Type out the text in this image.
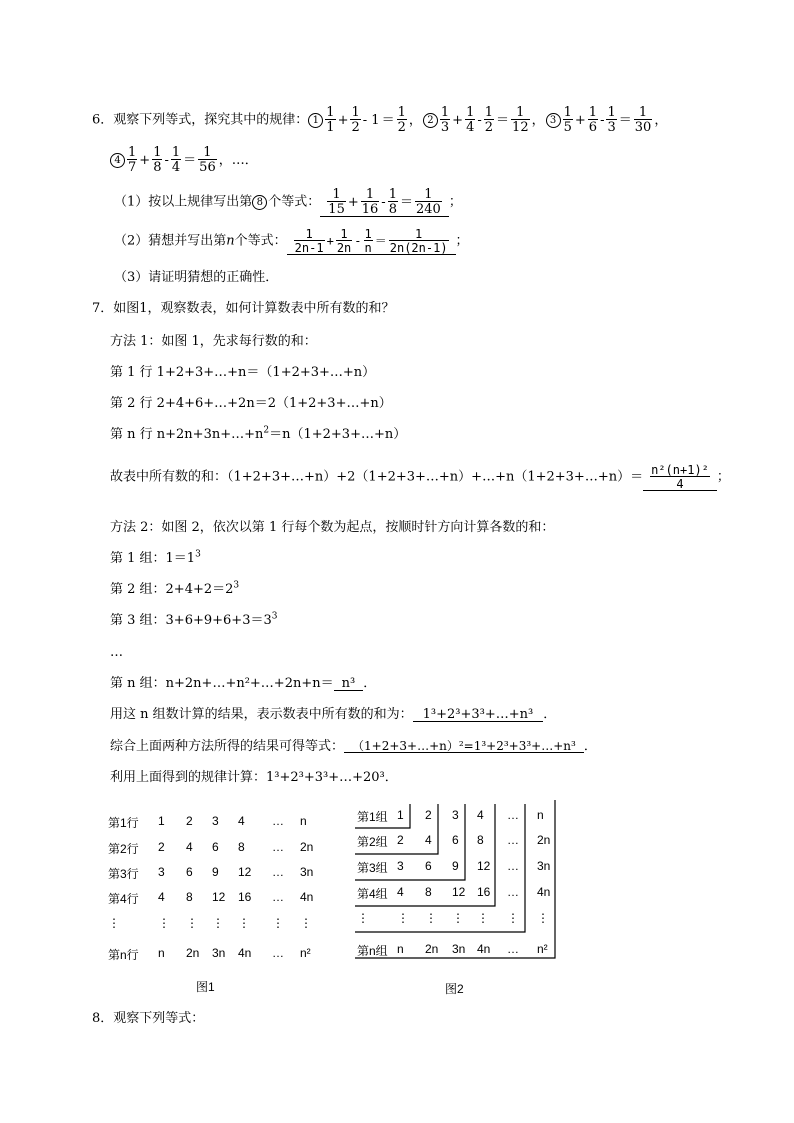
6．观察下列等式，探究其中的规律： $1 \frac{1}{1} + \frac{1}{2} - 1 = \frac{1}{2}$ ， $2 \frac{1}{3} + \frac{1}{4} - \frac{1}{2} = \frac{1}{12}$ ， $3 \frac{1}{5} + \frac{1}{6} - \frac{1}{3} = \frac{1}{30}$ ，
$4 \frac{1}{7} + \frac{1}{8} - \frac{1}{4} = \frac{1}{56}$ ，…．
（1）按以上规律写出第 8 个等式： $\frac{1}{15} + \frac{1}{16} - \frac{1}{8} = \frac{1}{240}$ ；
（2）猜想并写出第n个等式： $\frac{1}{2n-1} + \frac{1}{2n} - \frac{1}{n} = \frac{1}{2n(2n-1)}$ ；
（3）请证明猜想的正确性．
7．如图1，观察数表，如何计算数表中所有数的和？
方法 1：如图 1，先求每行数的和：
第 1 行 1+2+3+…+n＝（1+2+3+…+n）
第 2 行 2+4+6+…+2n＝2（1+2+3+…+n）
第 n 行 $n+2n+3n+\dots+n^2=n(1+2+3+\dots+n)$
故表中所有数的和：（1+2+3+…+n）+2（1+2+3+…+n）+…+n（1+2+3+…+n）＝ $\frac{\text{n²(n+1)²}}{4}$ ；
方法 2：如图 2，依次以第 1 行每个数为起点，按顺时针方向计算各数的和：
第 1 组：$1=1^3$
第 2 组：$2+4+2=2^3$
第 3 组：$3+6+9+6+3=3^3$
…
第 n 组：n+2n+…+n²+…+2n+n＝ n³ ．
用这 n 组数计算的结果，表示数表中所有数的和为： 1³+2³+3³+…+n³ ．
综合上面两种方法所得的结果可得等式： （1+2+3+…+n）²=1³+2³+3³+…+n³ ．
利用上面得到的规律计算：1³+2³+3³+…+20³．
第1行 1 2 3 4 … n
第2行 2 4 6 8 … 2n
第3行 3 6 9 12 … 3n
第4行 4 8 12 16 … 4n
⋮	⋮ ⋮ ⋮ ⋮ ⋮ ⋮
第n行 n 2n 3n 4n … n²
图1
第1组 1 2 3 4 … n
第2组 2 4 6 8 … 2n
第3组 3 6 9 12 … 3n
第4组 4 8 12 16 … 4n
⋮ ⋮ ⋮ ⋮ ⋮ ⋮ ⋮
第n组 n 2n 3n 4n … n²
图2
8．观察下列等式：
